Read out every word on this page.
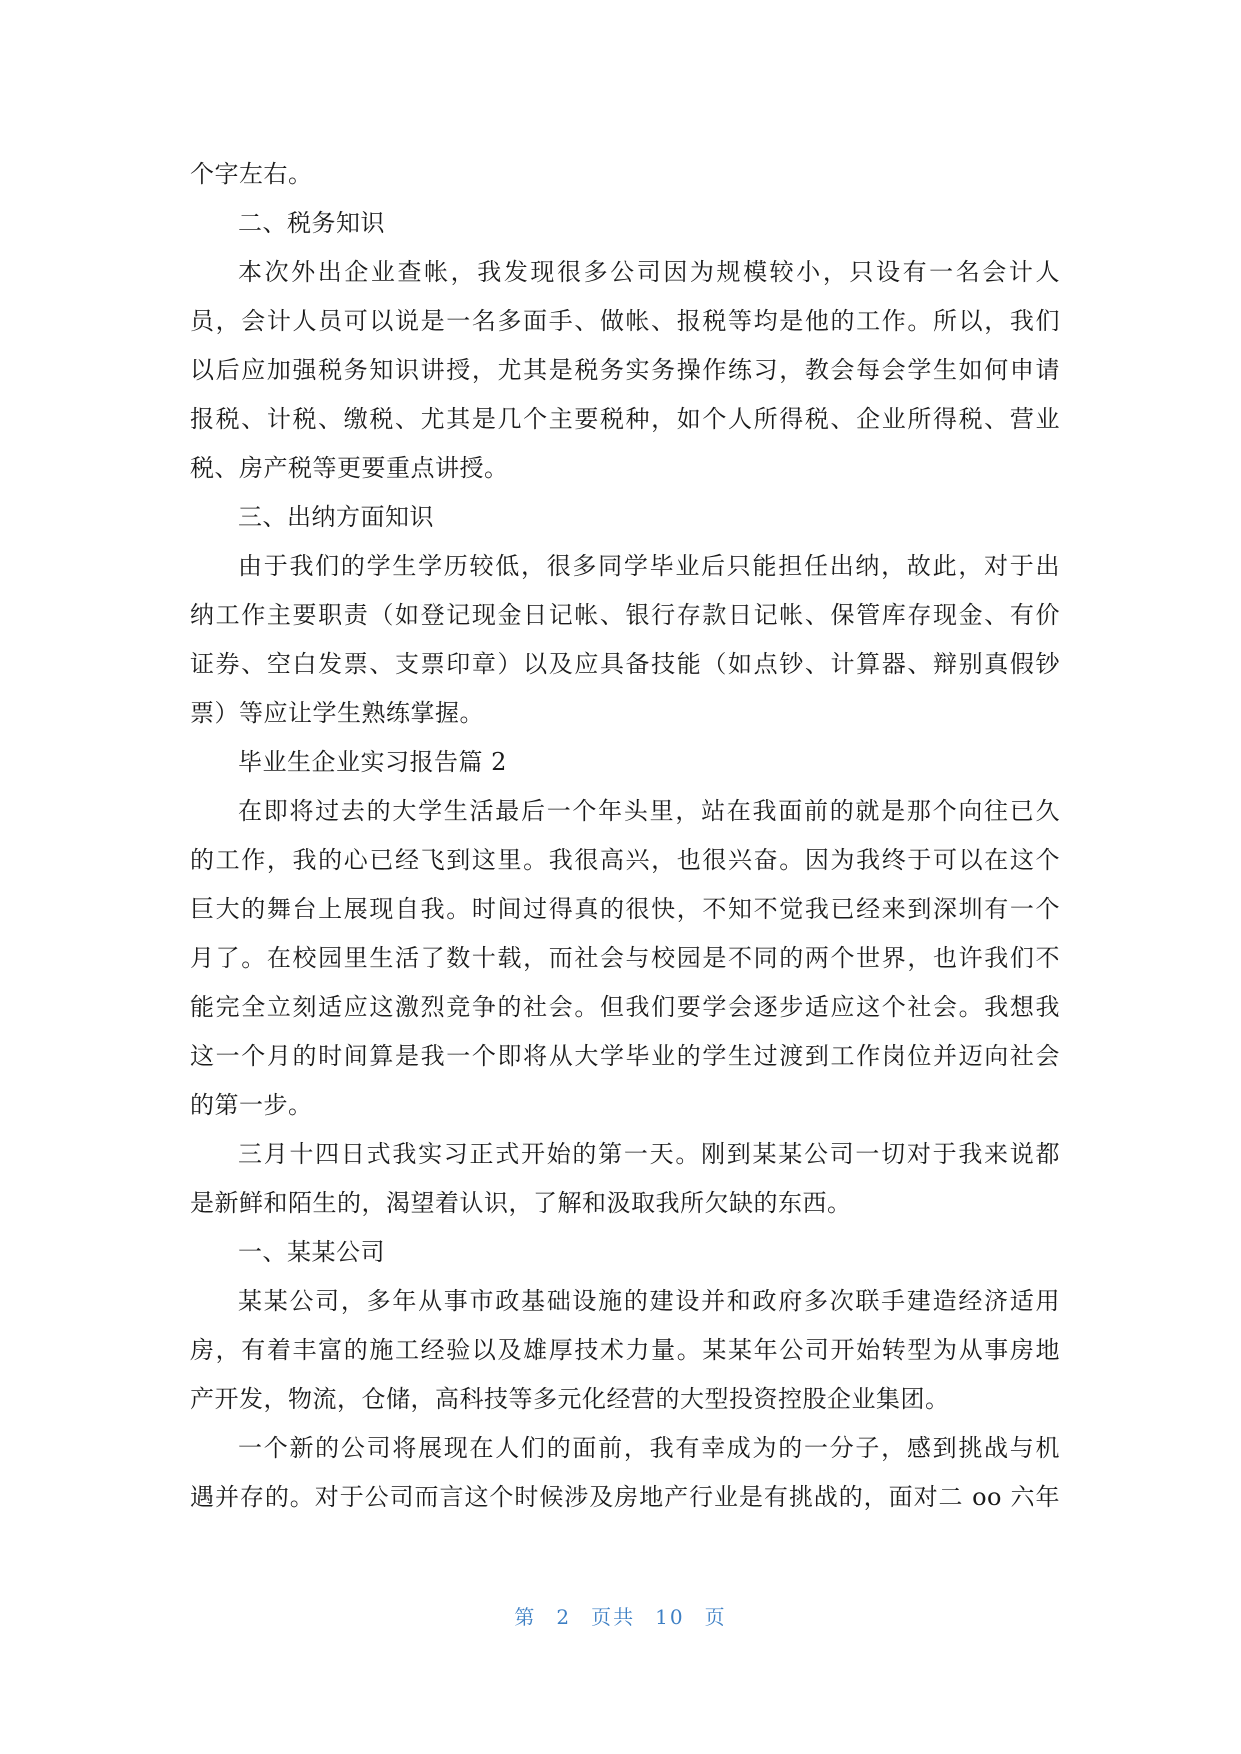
个字左右。
二、税务知识
本次外出企业查帐，我发现很多公司因为规模较小，只设有一名会计人
员，会计人员可以说是一名多面手、做帐、报税等均是他的工作。所以，我们
以后应加强税务知识讲授，尤其是税务实务操作练习，教会每会学生如何申请
报税、计税、缴税、尤其是几个主要税种，如个人所得税、企业所得税、营业
税、房产税等更要重点讲授。
三、出纳方面知识
由于我们的学生学历较低，很多同学毕业后只能担任出纳，故此，对于出
纳工作主要职责（如登记现金日记帐、银行存款日记帐、保管库存现金、有价
证券、空白发票、支票印章）以及应具备技能（如点钞、计算器、辩别真假钞
票）等应让学生熟练掌握。
毕业生企业实习报告篇 2
在即将过去的大学生活最后一个年头里，站在我面前的就是那个向往已久
的工作，我的心已经飞到这里。我很高兴，也很兴奋。因为我终于可以在这个
巨大的舞台上展现自我。时间过得真的很快，不知不觉我已经来到深圳有一个
月了。在校园里生活了数十载，而社会与校园是不同的两个世界，也许我们不
能完全立刻适应这激烈竞争的社会。但我们要学会逐步适应这个社会。我想我
这一个月的时间算是我一个即将从大学毕业的学生过渡到工作岗位并迈向社会
的第一步。
三月十四日式我实习正式开始的第一天。刚到某某公司一切对于我来说都
是新鲜和陌生的，渴望着认识，了解和汲取我所欠缺的东西。
一、某某公司
某某公司，多年从事市政基础设施的建设并和政府多次联手建造经济适用
房，有着丰富的施工经验以及雄厚技术力量。某某年公司开始转型为从事房地
产开发，物流，仓储，高科技等多元化经营的大型投资控股企业集团。
一个新的公司将展现在人们的面前，我有幸成为的一分子，感到挑战与机
遇并存的。对于公司而言这个时候涉及房地产行业是有挑战的，面对二 oo 六年
第 2 页共 10 页
